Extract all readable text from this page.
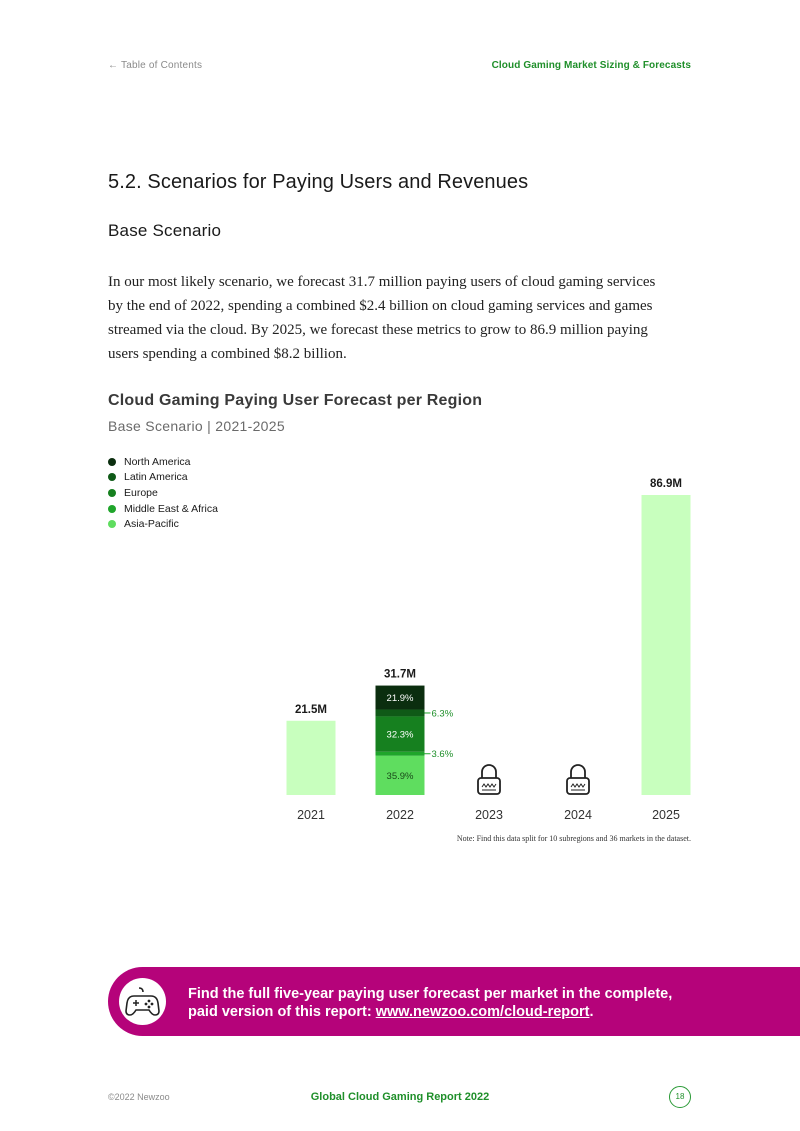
← Table of Contents	Cloud Gaming Market Sizing & Forecasts
5.2. Scenarios for Paying Users and Revenues
Base Scenario
In our most likely scenario, we forecast 31.7 million paying users of cloud gaming services
by the end of 2022, spending a combined $2.4 billion on cloud gaming services and games
streamed via the cloud. By 2025, we forecast these metrics to grow to 86.9 million paying
users spending a combined $8.2 billion.
Cloud Gaming Paying User Forecast per Region
Base Scenario | 2021-2025
North America
Latin America
Europe
Middle East & Africa
Asia-Pacific
2021
21.5M
2022
35.9%
3.6%
32.3%
6.3%
21.9%
31.7M
2023	2024	2025
86.9M
Note: Find this data split for 10 subregions and 36 markets in the dataset.
Find the full five-year paying user forecast per market in the complete,
paid version of this report: www.newzoo.com/cloud-report.
©2022 Newzoo	Global Cloud Gaming Report 2022	18
